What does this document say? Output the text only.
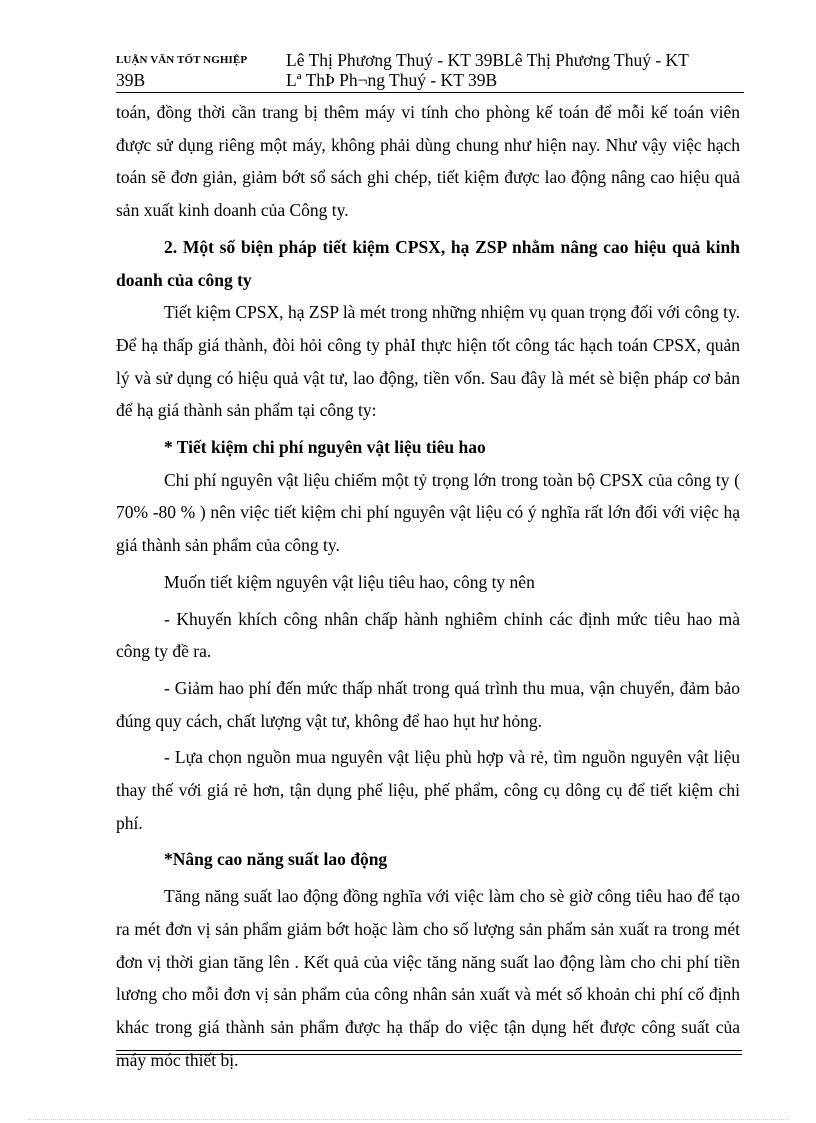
LUẬN VĂN TỐT NGHIỆP Lê Thị Phương Thuý - KT 39BLê Thị Phương Thuý - KT
39B	Lª ThÞ Ph¬ng Thuý - KT 39B

toán, đồng thời cần trang bị thêm máy vi tính cho phòng kế toán để mỗi kế toán viên được sử dụng riêng một máy, không phải dùng chung như hiện nay. Như vậy việc hạch toán sẽ đơn giản, giảm bớt sổ sách ghi chép, tiết kiệm được lao động nâng cao hiệu quả sản xuất kinh doanh của Công ty.

2. Một số biện pháp tiết kiệm CPSX, hạ ZSP nhằm nâng cao hiệu quả kinh doanh của công ty

Tiết kiệm CPSX, hạ ZSP là mét trong những nhiệm vụ quan trọng đối với công ty. Để hạ thấp giá thành, đòi hỏi công ty phảI thực hiện tốt công tác hạch toán CPSX, quản lý và sử dụng có hiệu quả vật tư, lao động, tiền vốn. Sau đây là mét sè biện pháp cơ bản để hạ giá thành sản phẩm tại công ty:

* Tiết kiệm chi phí nguyên vật liệu tiêu hao

Chi phí nguyên vật liệu chiếm một tỷ trọng lớn trong toàn bộ CPSX của công ty ( 70% -80 % ) nên việc tiết kiệm chi phí nguyên vật liệu có ý nghĩa rất lớn đối với việc hạ giá thành sản phẩm của công ty.

Muốn tiết kiệm nguyên vật liệu tiêu hao, công ty nên

- Khuyến khích công nhân chấp hành nghiêm chỉnh các định mức tiêu hao mà công ty đề ra.

- Giảm hao phí đến mức thấp nhất trong quá trình thu mua, vận chuyển, đảm bảo đúng quy cách, chất lượng vật tư, không để hao hụt hư hỏng.

- Lựa chọn nguồn mua nguyên vật liệu phù hợp và rẻ, tìm nguồn nguyên vật liệu thay thế với giá rẻ hơn, tận dụng phế liệu, phế phẩm, công cụ dông cụ để tiết kiệm chi phí.

*Nâng cao năng suất lao động

Tăng năng suất lao động đồng nghĩa với việc làm cho sè giờ công tiêu hao để tạo ra mét đơn vị sản phẩm giảm bớt hoặc làm cho số lượng sản phẩm sản xuất ra trong mét đơn vị thời gian tăng lên . Kết quả của việc tăng năng suất lao động làm cho chi phí tiền lương cho mỗi đơn vị sản phẩm của công nhân sản xuất và mét số khoản chi phí cố định khác trong giá thành sản phẩm được hạ thấp do việc tận dụng hết được công suất của máy móc thiết bị.
